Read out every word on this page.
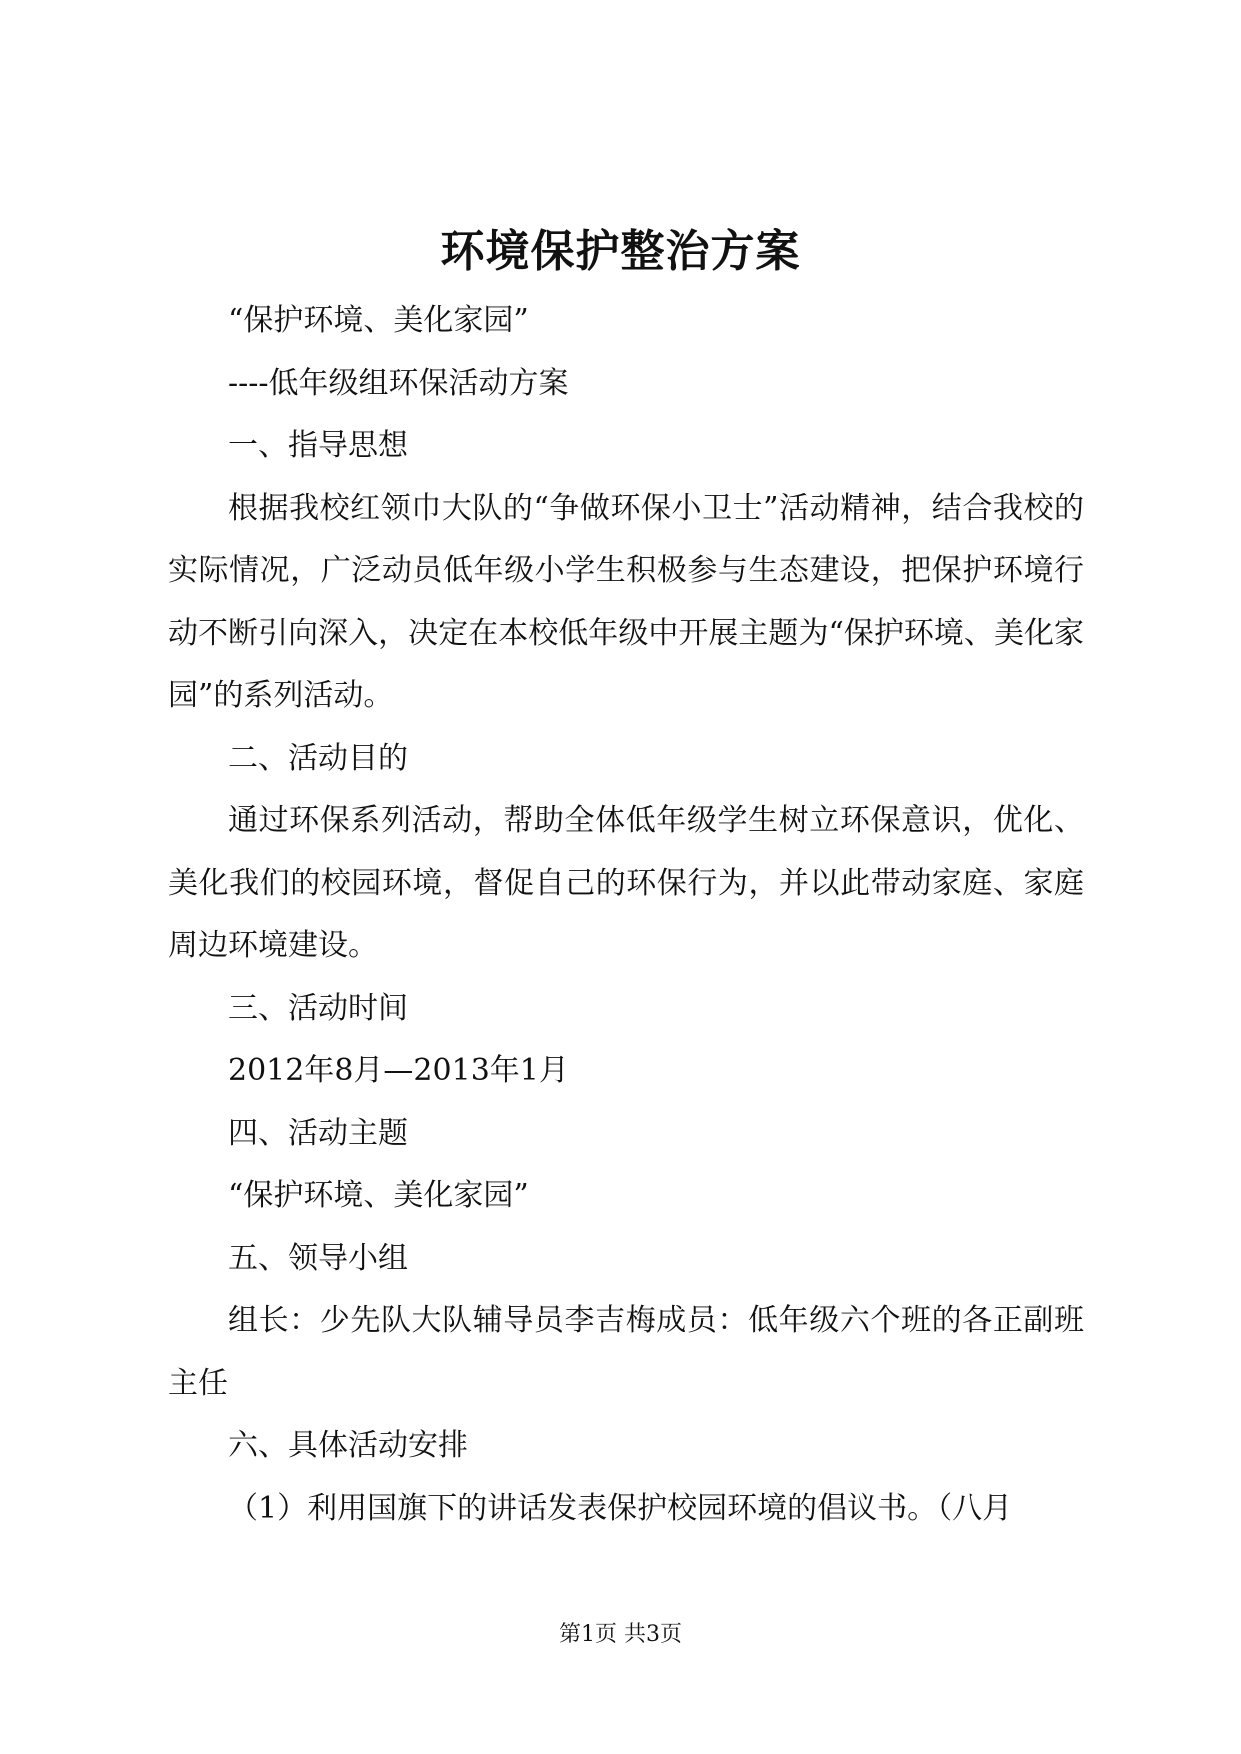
环境保护整治方案

“保护环境、美化家园”

----低年级组环保活动方案

一、指导思想

根据我校红领巾大队的“争做环保小卫士”活动精神，结合我校的实际情况，广泛动员低年级小学生积极参与生态建设，把保护环境行动不断引向深入，决定在本校低年级中开展主题为“保护环境、美化家园”的系列活动。

二、活动目的

通过环保系列活动，帮助全体低年级学生树立环保意识，优化、美化我们的校园环境，督促自己的环保行为，并以此带动家庭、家庭周边环境建设。

三、活动时间

2012年8月—2013年1月

四、活动主题

“保护环境、美化家园”

五、领导小组

组长：少先队大队辅导员李吉梅成员：低年级六个班的各正副班主任

六、具体活动安排

（1）利用国旗下的讲话发表保护校园环境的倡议书。（八月

第1页 共3页
